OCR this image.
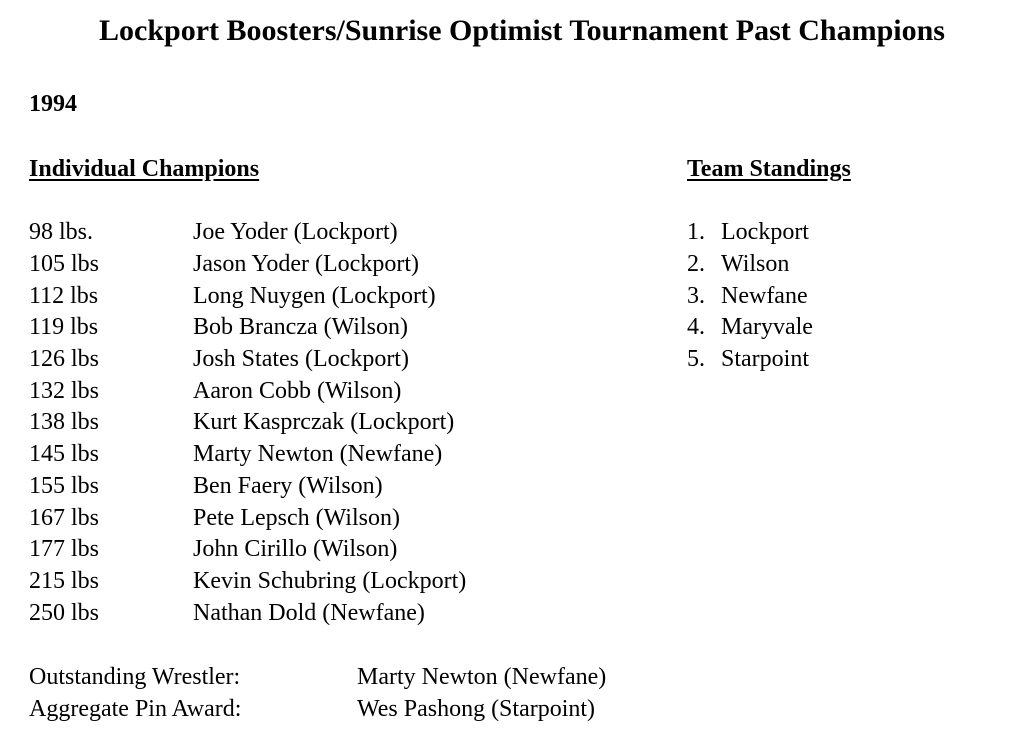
Lockport Boosters/Sunrise Optimist Tournament Past Champions
1994
Individual Champions	Team Standings
98 lbs.	Joe Yoder (Lockport)
105 lbs	Jason Yoder (Lockport)
112 lbs	Long Nuygen (Lockport)
119 lbs	Bob Brancza (Wilson)
126 lbs	Josh States (Lockport)
132 lbs	Aaron Cobb (Wilson)
138 lbs	Kurt Kasprczak (Lockport)
145 lbs	Marty Newton (Newfane)
155 lbs	Ben Faery (Wilson)
167 lbs	Pete Lepsch (Wilson)
177 lbs	John Cirillo (Wilson)
215 lbs	Kevin Schubring (Lockport)
250 lbs	Nathan Dold (Newfane)
1. Lockport
2. Wilson
3. Newfane
4. Maryvale
5. Starpoint
Outstanding Wrestler:	Marty Newton (Newfane)
Aggregate Pin Award:	Wes Pashong (Starpoint)
